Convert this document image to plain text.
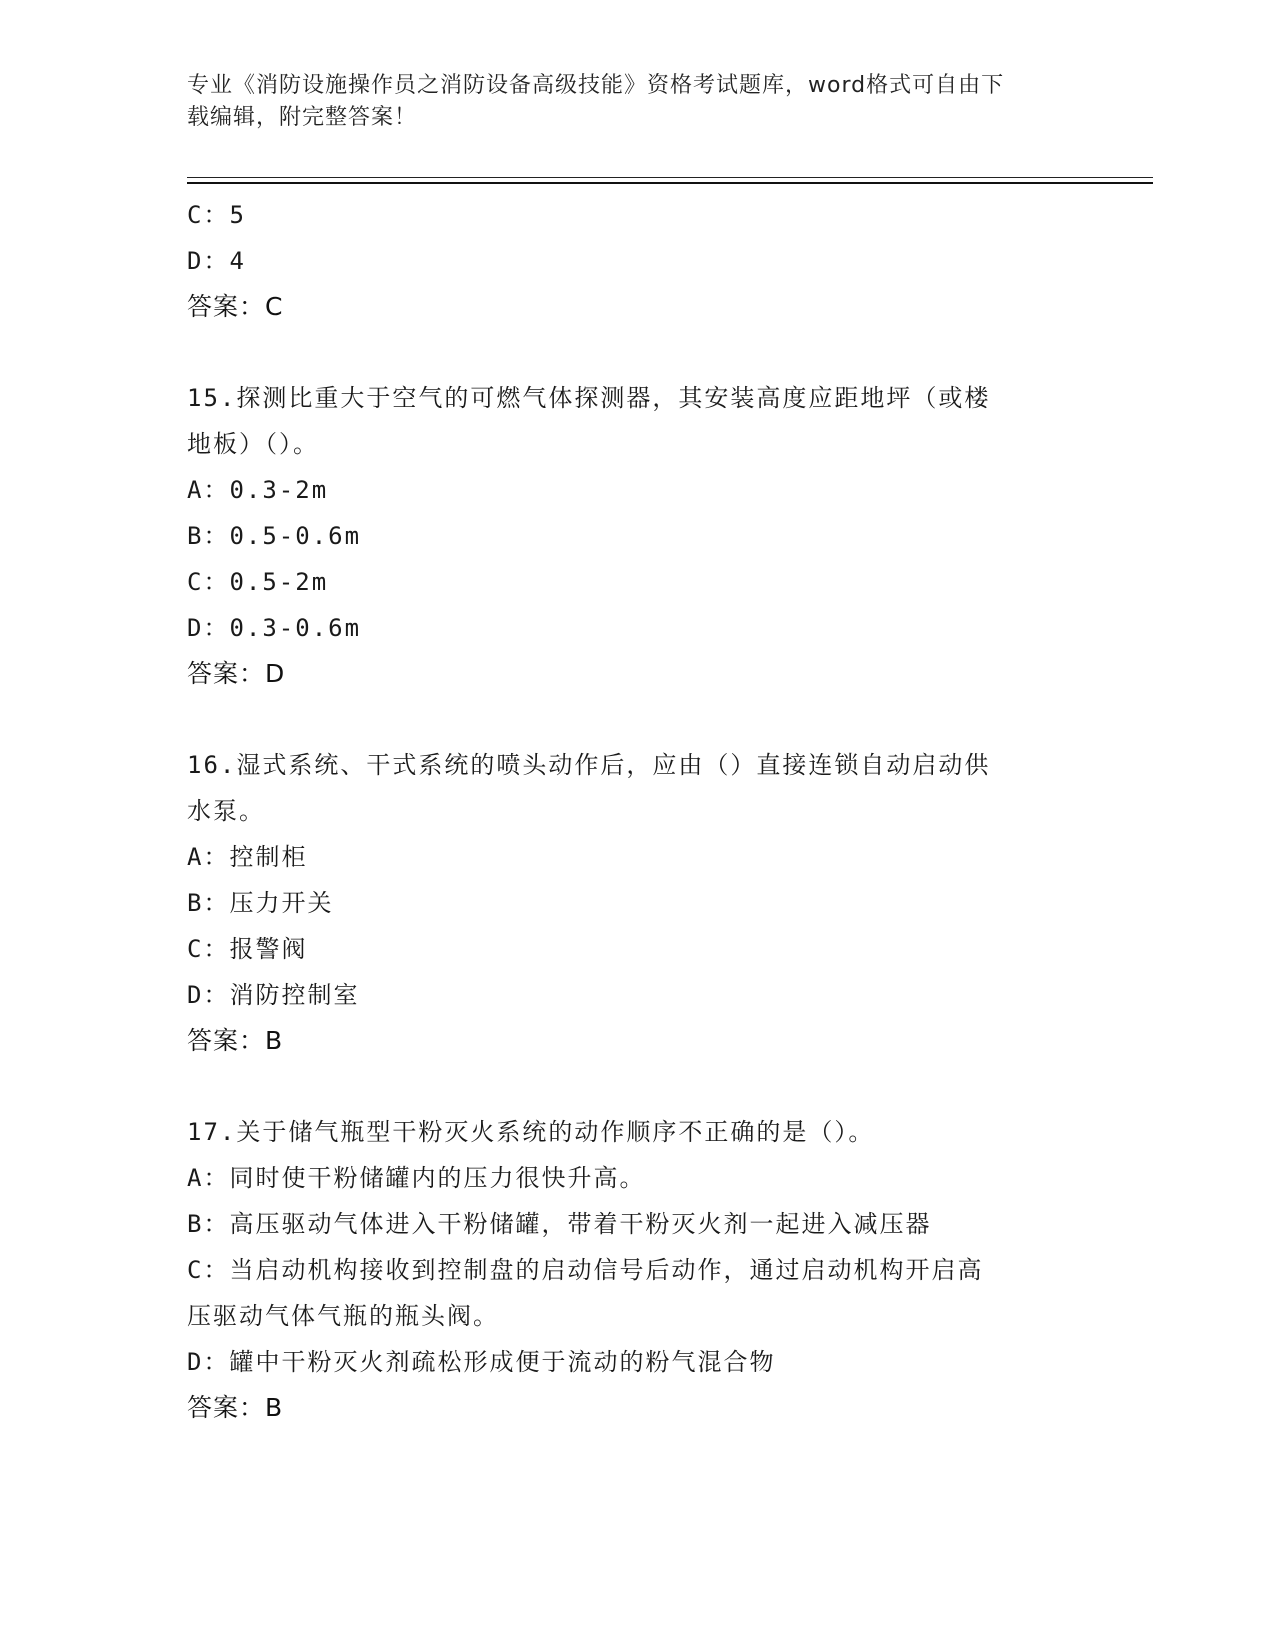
专业《消防设施操作员之消防设备高级技能》资格考试题库，word格式可自由下
载编辑，附完整答案！
C：5
D：4
答案：C
15.探测比重大于空气的可燃气体探测器，其安装高度应距地坪（或楼
地板）（）。
A：0.3-2m
B：0.5-0.6m
C：0.5-2m
D：0.3-0.6m
答案：D
16.湿式系统、干式系统的喷头动作后，应由（）直接连锁自动启动供
水泵。
A：控制柜
B：压力开关
C：报警阀
D：消防控制室
答案：B
17.关于储气瓶型干粉灭火系统的动作顺序不正确的是（）。
A：同时使干粉储罐内的压力很快升高。
B：高压驱动气体进入干粉储罐，带着干粉灭火剂一起进入减压器
C：当启动机构接收到控制盘的启动信号后动作，通过启动机构开启高
压驱动气体气瓶的瓶头阀。
D：罐中干粉灭火剂疏松形成便于流动的粉气混合物
答案：B
